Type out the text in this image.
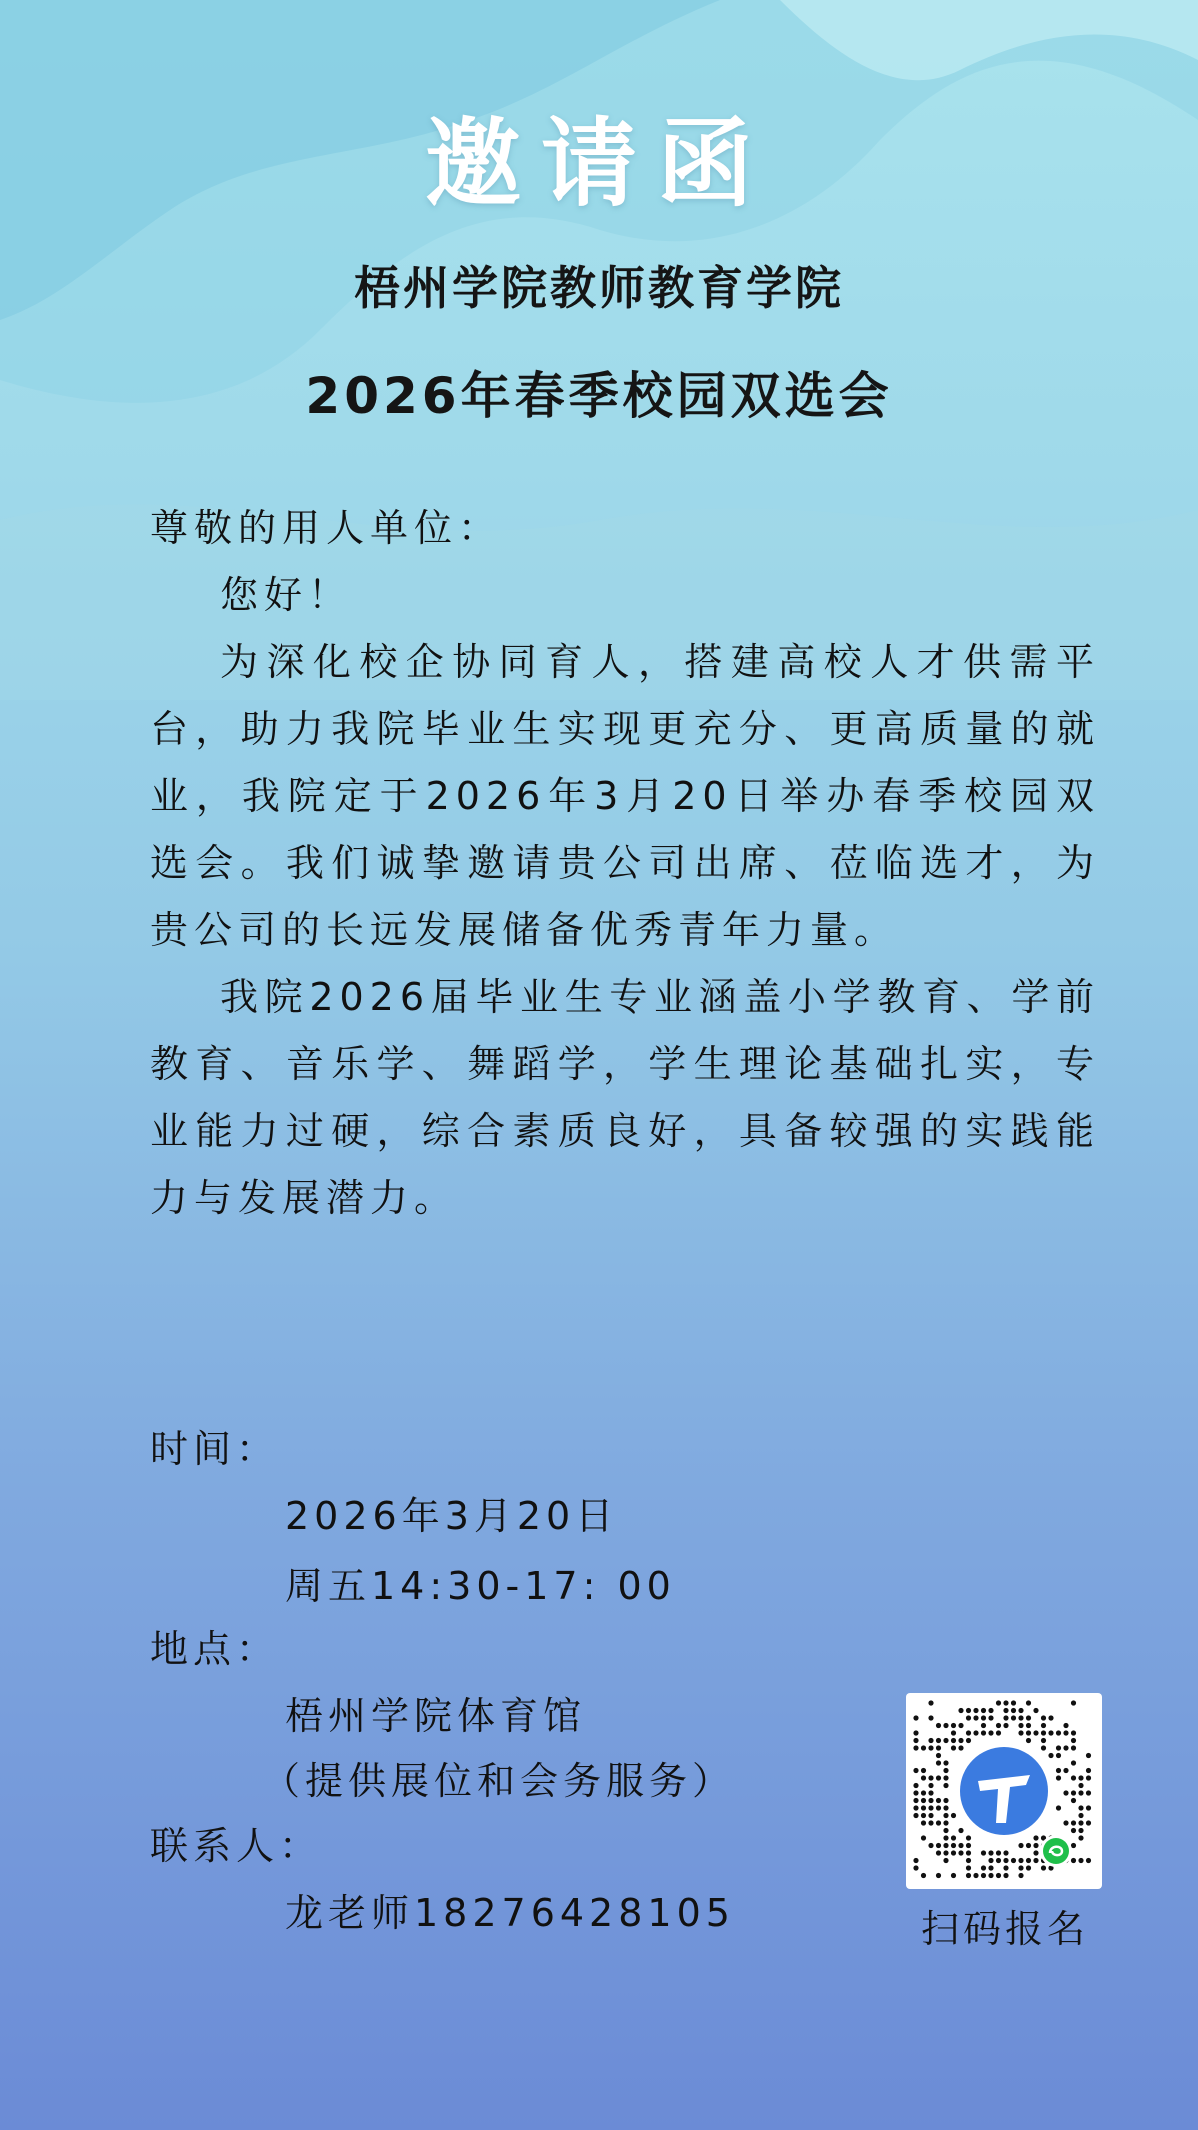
邀请函
梧州学院教师教育学院
2026年春季校园双选会

尊敬的用人单位：

您好！

为深化校企协同育人，搭建高校人才供需平台，助力我院毕业生实现更充分、更高质量的就业，我院定于2026年3月20日举办春季校园双选会。我们诚挚邀请贵公司出席、莅临选才，为贵公司的长远发展储备优秀青年力量。

我院2026届毕业生专业涵盖小学教育、学前教育、音乐学、舞蹈学，学生理论基础扎实，专业能力过硬，综合素质良好，具备较强的实践能力与发展潜力。

时间：
2026年3月20日
周五14:30-17: 00
地点：
梧州学院体育馆
（提供展位和会务服务）
联系人：
龙老师18276428105	扫码报名
